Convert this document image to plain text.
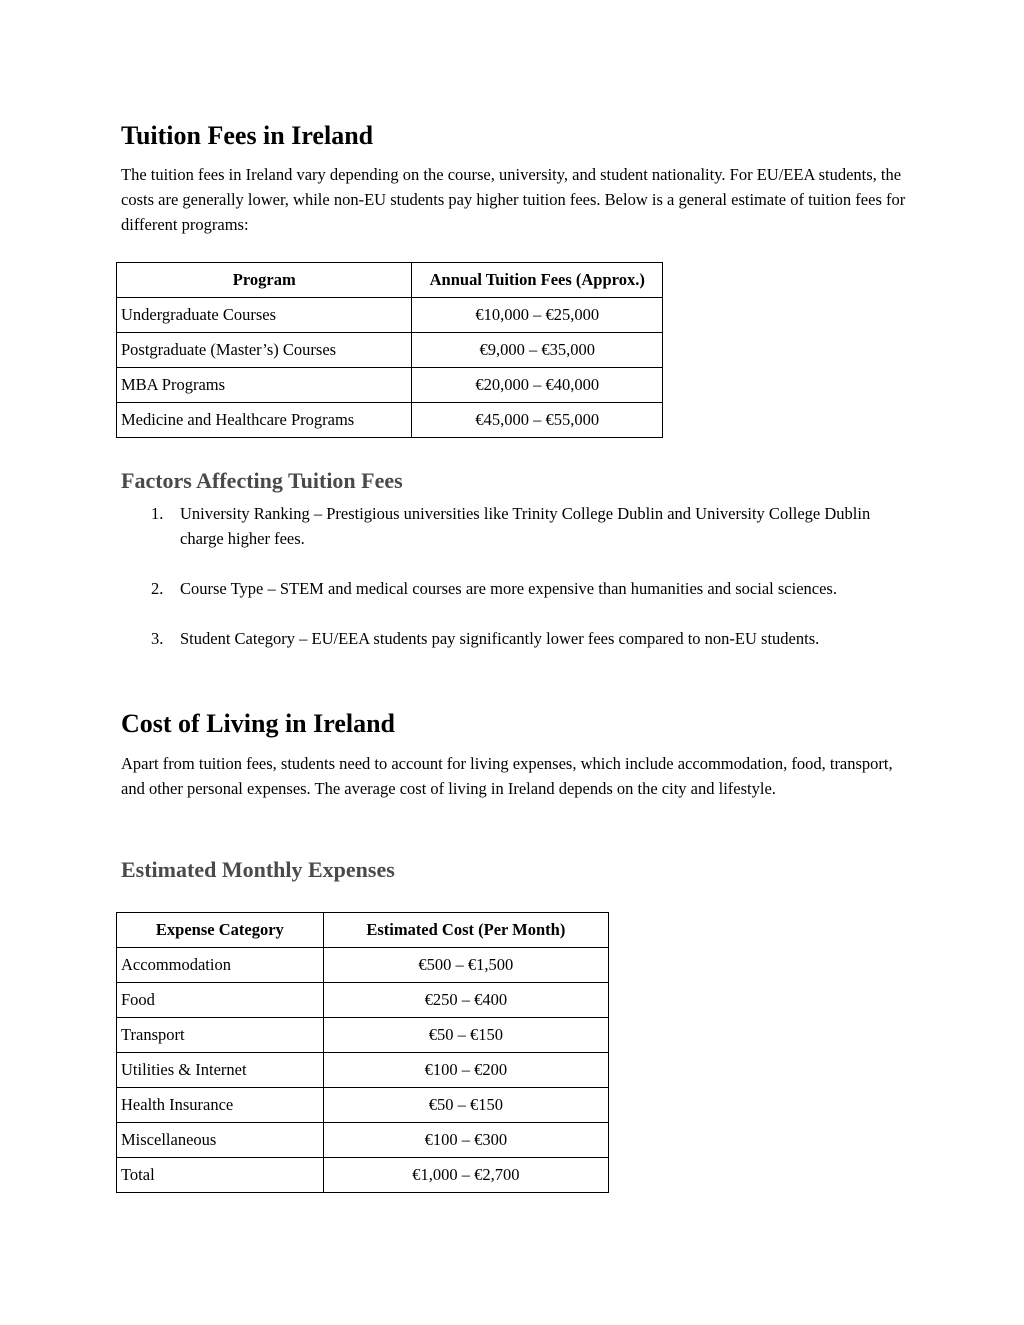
Tuition Fees in Ireland

The tuition fees in Ireland vary depending on the course, university, and student nationality. For EU/EEA students, the costs are generally lower, while non-EU students pay higher tuition fees. Below is a general estimate of tuition fees for different programs:

Program	Annual Tuition Fees (Approx.)
Undergraduate Courses	€10,000 – €25,000
Postgraduate (Master’s) Courses	€9,000 – €35,000
MBA Programs	€20,000 – €40,000
Medicine and Healthcare Programs	€45,000 – €55,000
Factors Affecting Tuition Fees
1. University Ranking – Prestigious universities like Trinity College Dublin and University College Dublin charge higher fees.
2. Course Type – STEM and medical courses are more expensive than humanities and social sciences.
3. Student Category – EU/EEA students pay significantly lower fees compared to non-EU students.
Cost of Living in Ireland

Apart from tuition fees, students need to account for living expenses, which include accommodation, food, transport, and other personal expenses. The average cost of living in Ireland depends on the city and lifestyle.

Estimated Monthly Expenses
Expense Category	Estimated Cost (Per Month)
Accommodation	€500 – €1,500
Food	€250 – €400
Transport	€50 – €150
Utilities & Internet	€100 – €200
Health Insurance	€50 – €150
Miscellaneous	€100 – €300
Total	€1,000 – €2,700
